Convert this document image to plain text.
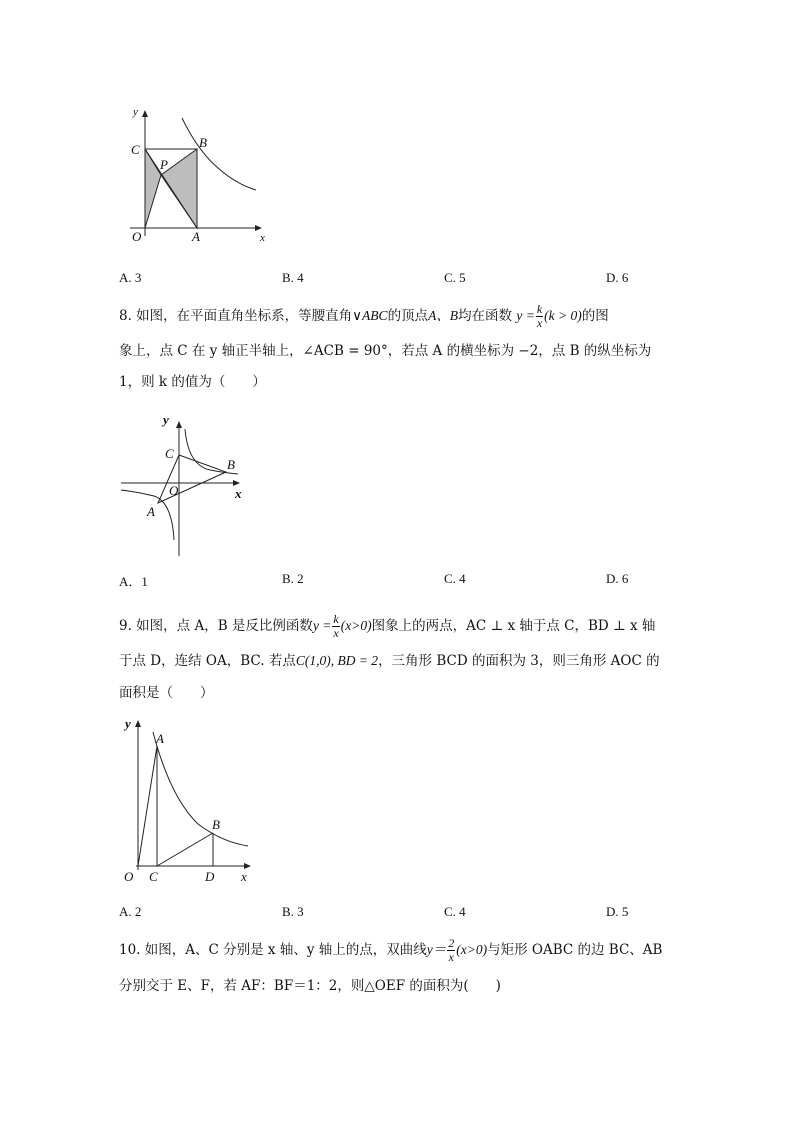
y
C	B
P
O	A	x
A. 3	B. 4	C. 5	D. 6
8. 如图，在平面直角坐标系，等腰直角∨ABC的顶点A、B均在函数 $y = \frac{k}{x} (k > 0)$的图
象上，点 C 在 y 轴正半轴上，∠ACB = 90°，若点 A 的横坐标为 −2，点 B 的纵坐标为
1，则 k 的值为（　　）
y
C
B
O	x
A
A．1	B. 2	C. 4	D. 6
9. 如图，点 A，B 是反比例函数$y = \frac{k}{x} (x>0)$图象上的两点，AC ⊥ x 轴于点 C，BD ⊥ x 轴
于点 D，连结 OA，BC. 若点C(1,0), BD = 2，三角形 BCD 的面积为 3，则三角形 AOC 的
面积是（　　）
y
A
B
O C	D x
A. 2	B. 3	C. 4	D. 5
10. 如图，A、C 分别是 x 轴、y 轴上的点，双曲线$y= \frac{2}{x} (x>0)$与矩形 OABC 的边 BC、AB
分别交于 E、F，若 AF：BF＝1：2，则△OEF 的面积为(　　)
